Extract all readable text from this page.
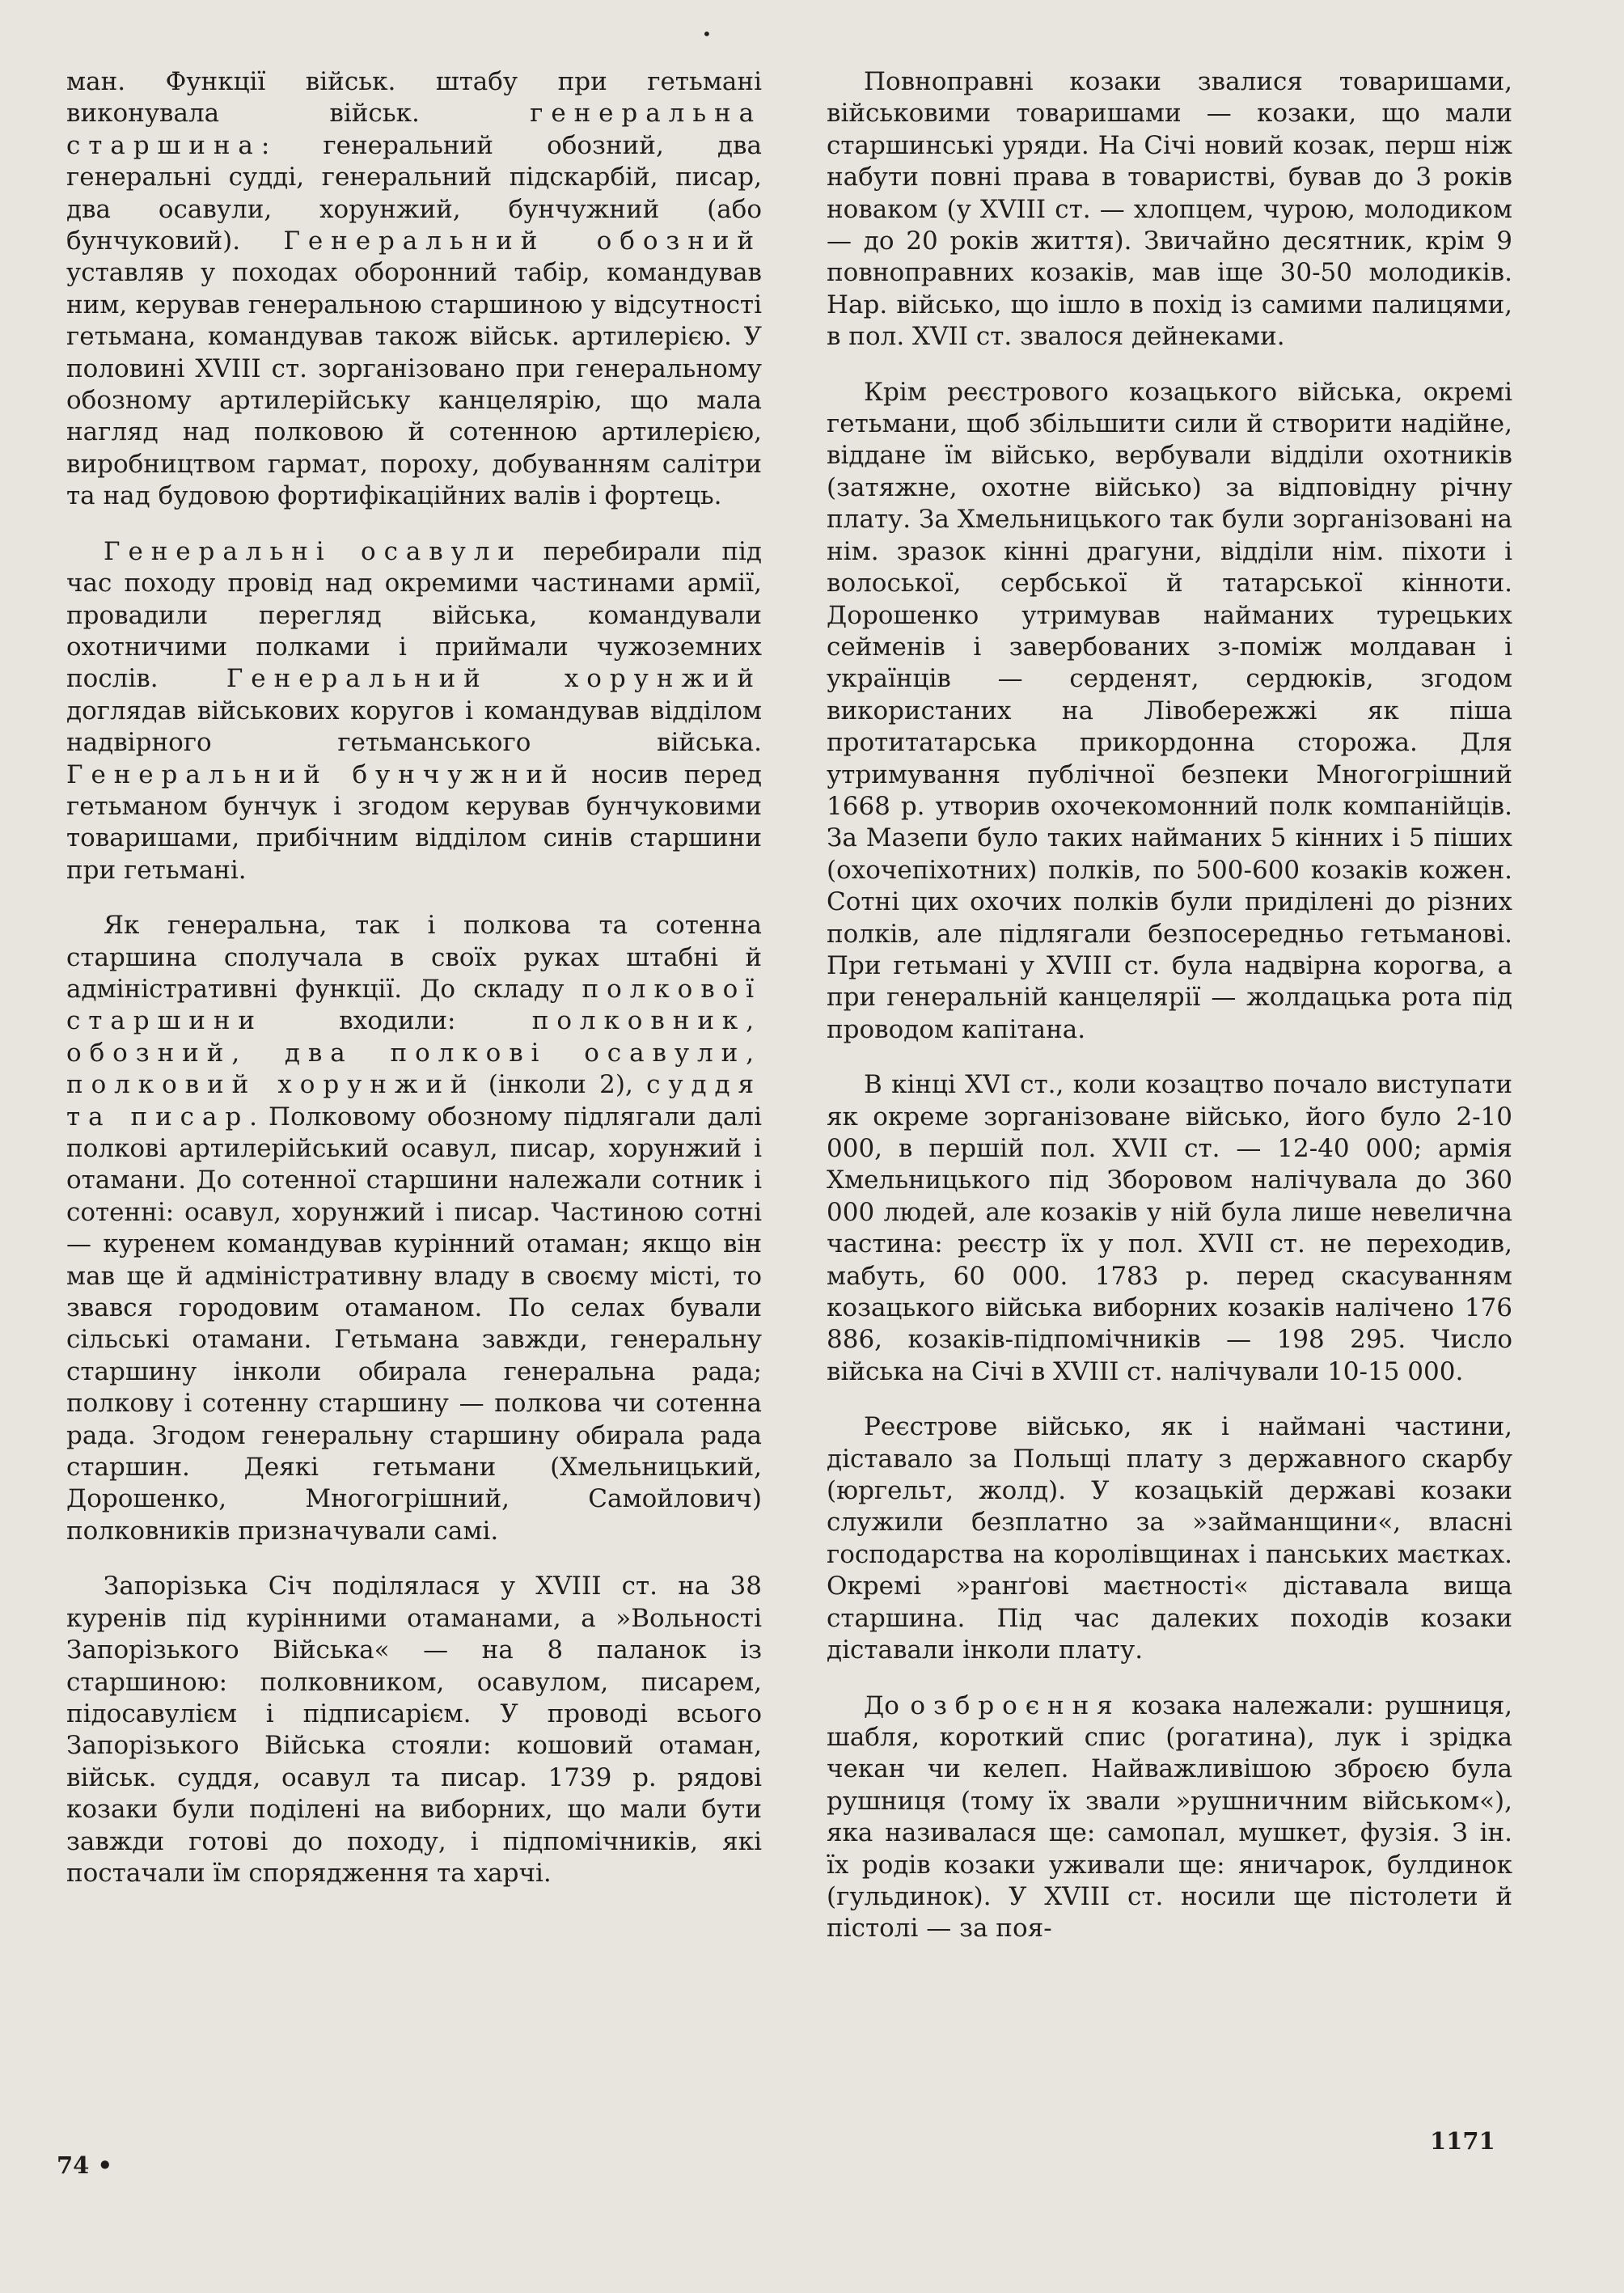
•

ман. Функції військ. штабу при гетьмані виконувала військ. генеральна старшина: генеральний обозний, два генеральні судді, генеральний підскарбій, писар, два осавули, хорунжий, бунчужний (або бунчуковий). Генеральний обозний уставляв у походах оборонний табір, командував ним, керував генеральною старшиною у відсутності гетьмана, командував також військ. артилерією. У половині XVIII ст. зорганізовано при генеральному обозному артилерійську канцелярію, що мала нагляд над полковою й сотенною артилерією, виробництвом гармат, пороху, добуванням салітри та над будовою фортифікаційних валів і фортець.

Генеральні осавули перебирали під час походу провід над окремими частинами армії, провадили перегляд війська, командували охотничими полками і приймали чужоземних послів. Генеральний хорунжий доглядав військових коругов і командував відділом надвірного гетьманського війська. Генеральний бунчужний носив перед гетьманом бунчук і згодом керував бунчуковими товаришами, прибічним відділом синів старшини при гетьмані.

Як генеральна, так і полкова та сотенна старшина сполучала в своїх руках штабні й адміністративні функції. До складу полкової старшини входили: полковник, обозний, два полкові осавули, полковий хорунжий (інколи 2), суддя та писар. Полковому обозному підлягали далі полкові артилерійський осавул, писар, хорунжий і отамани. До сотенної старшини належали сотник і сотенні: осавул, хорунжий і писар. Частиною сотні — куренем командував курінний отаман; якщо він мав ще й адміністративну владу в своєму місті, то звався городовим отаманом. По селах бували сільські отамани. Гетьмана завжди, генеральну старшину інколи обирала генеральна рада; полкову і сотенну старшину — полкова чи сотенна рада. Згодом генеральну старшину обирала рада старшин. Деякі гетьмани (Хмельницький, Дорошенко, Многогрішний, Самойлович) полковників призначували самі.

Запорізька Січ поділялася у XVIII ст. на 38 куренів під курінними отаманами, а »Вольності Запорізького Війська« — на 8 паланок із старшиною: полковником, осавулом, писарем, підосавулієм і підписарієм. У проводі всього Запорізького Війська стояли: кошовий отаман, військ. суддя, осавул та писар. 1739 р. рядові козаки були поділені на виборних, що мали бути завжди готові до походу, і підпомічників, які постачали їм спорядження та харчі.

Повноправні козаки звалися товаришами, військовими товаришами — козаки, що мали старшинські уряди. На Січі новий козак, перш ніж набути повні права в товаристві, бував до 3 років новаком (у XVIII ст. — хлопцем, чурою, молодиком — до 20 років життя). Звичайно десятник, крім 9 повноправних козаків, мав іще 30-50 молодиків. Нар. військо, що ішло в похід із самими палицями, в пол. XVII ст. звалося дейнеками.

Крім реєстрового козацького війська, окремі гетьмани, щоб збільшити сили й створити надійне, віддане їм військо, вербували відділи охотників (затяжне, охотне військо) за відповідну річну плату. За Хмельницького так були зорганізовані на нім. зразок кінні драгуни, відділи нім. піхоти і волоської, сербської й татарської кінноти. Дорошенко утримував найманих турецьких сейменів і завербованих з-поміж молдаван і українців — серденят, сердюків, згодом використаних на Лівобережжі як піша протитатарська прикордонна сторожа. Для утримування публічної безпеки Многогрішний 1668 р. утворив охочекомонний полк компанійців. За Мазепи було таких найманих 5 кінних і 5 піших (охочепіхотних) полків, по 500-600 козаків кожен. Сотні цих охочих полків були приділені до різних полків, але підлягали безпосередньо гетьманові. При гетьмані у XVIII ст. була надвірна корогва, а при генеральній канцелярії — жолдацька рота під проводом капітана.

В кінці XVI ст., коли козацтво почало виступати як окреме зорганізоване військо, його було 2-10 000, в першій пол. XVII ст. — 12-40 000; армія Хмельницького під Зборовом налічувала до 360 000 людей, але козаків у ній була лише невелична частина: реєстр їх у пол. XVII ст. не переходив, мабуть, 60 000. 1783 р. перед скасуванням козацького війська виборних козаків налічено 176 886, козаків-підпомічників — 198 295. Число війська на Січі в XVIII ст. налічували 10-15 000.

Реєстрове військо, як і наймані частини, діставало за Польщі плату з державного скарбу (юргельт, жолд). У козацькій державі козаки служили безплатно за »займанщини«, власні господарства на королівщинах і панських маєтках. Окремі »ранґові маєтності« діставала вища старшина. Під час далеких походів козаки діставали інколи плату.

До озброєння козака належали: рушниця, шабля, короткий спис (рогатина), лук і зрідка чекан чи келеп. Найважливішою зброєю була рушниця (тому їх звали »рушничним військом«), яка називалася ще: самопал, мушкет, фузія. З ін. їх родів козаки уживали ще: яничарок, булдинок (гульдинок). У XVIII ст. носили ще пістолети й пістолі — за поя-

74 •
1171
